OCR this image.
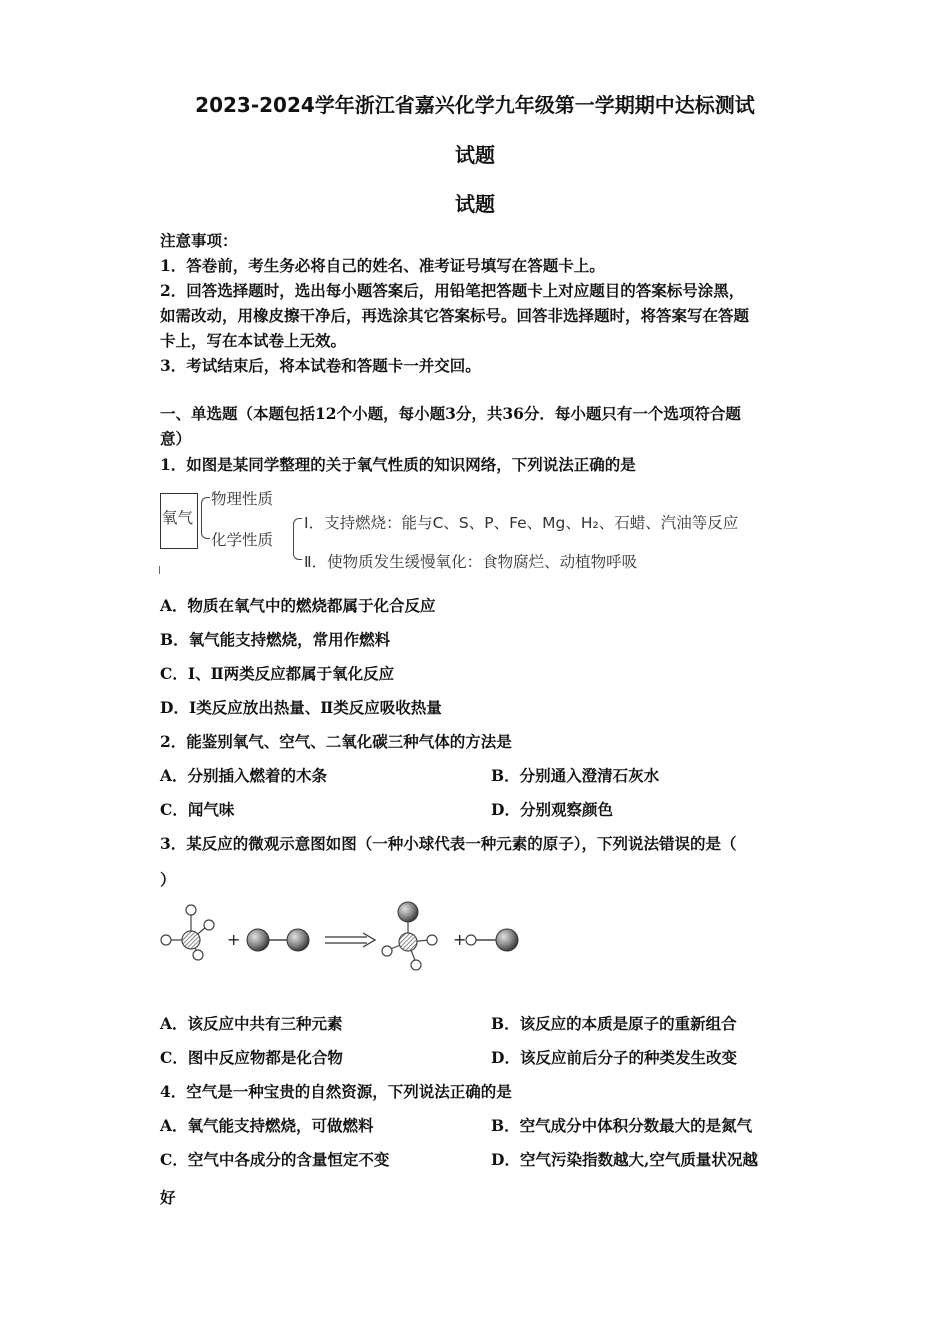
2023-2024学年浙江省嘉兴化学九年级第一学期期中达标测试
试题
试题
注意事项：
1．答卷前，考生务必将自己的姓名、准考证号填写在答题卡上。
2．回答选择题时，选出每小题答案后，用铅笔把答题卡上对应题目的答案标号涂黑，
如需改动，用橡皮擦干净后，再选涂其它答案标号。回答非选择题时，将答案写在答题
卡上，写在本试卷上无效。
3．考试结束后，将本试卷和答题卡一并交回。
一、单选题（本题包括12个小题，每小题3分，共36分．每小题只有一个选项符合题
意）
1．如图是某同学整理的关于氧气性质的知识网络，下列说法正确的是
氧气
物理性质
化学性质
Ⅰ．支持燃烧：能与C、S、P、Fe、Mg、H₂、石蜡、汽油等反应
Ⅱ．使物质发生缓慢氧化：食物腐烂、动植物呼吸
A．物质在氧气中的燃烧都属于化合反应
B．氧气能支持燃烧，常用作燃料
C．Ⅰ、Ⅱ两类反应都属于氧化反应
D．Ⅰ类反应放出热量、Ⅱ类反应吸收热量
2．能鉴别氧气、空气、二氧化碳三种气体的方法是
A．分别插入燃着的木条	B．分别通入澄清石灰水
C．闻气味	D．分别观察颜色
3．某反应的微观示意图如图（一种小球代表一种元素的原子），下列说法错误的是（
）
+	+
A．该反应中共有三种元素	B．该反应的本质是原子的重新组合
C．图中反应物都是化合物	D．该反应前后分子的种类发生改变
4．空气是一种宝贵的自然资源，下列说法正确的是
A．氧气能支持燃烧，可做燃料	B．空气成分中体积分数最大的是氮气
C．空气中各成分的含量恒定不变	D．空气污染指数越大,空气质量状况越
好
